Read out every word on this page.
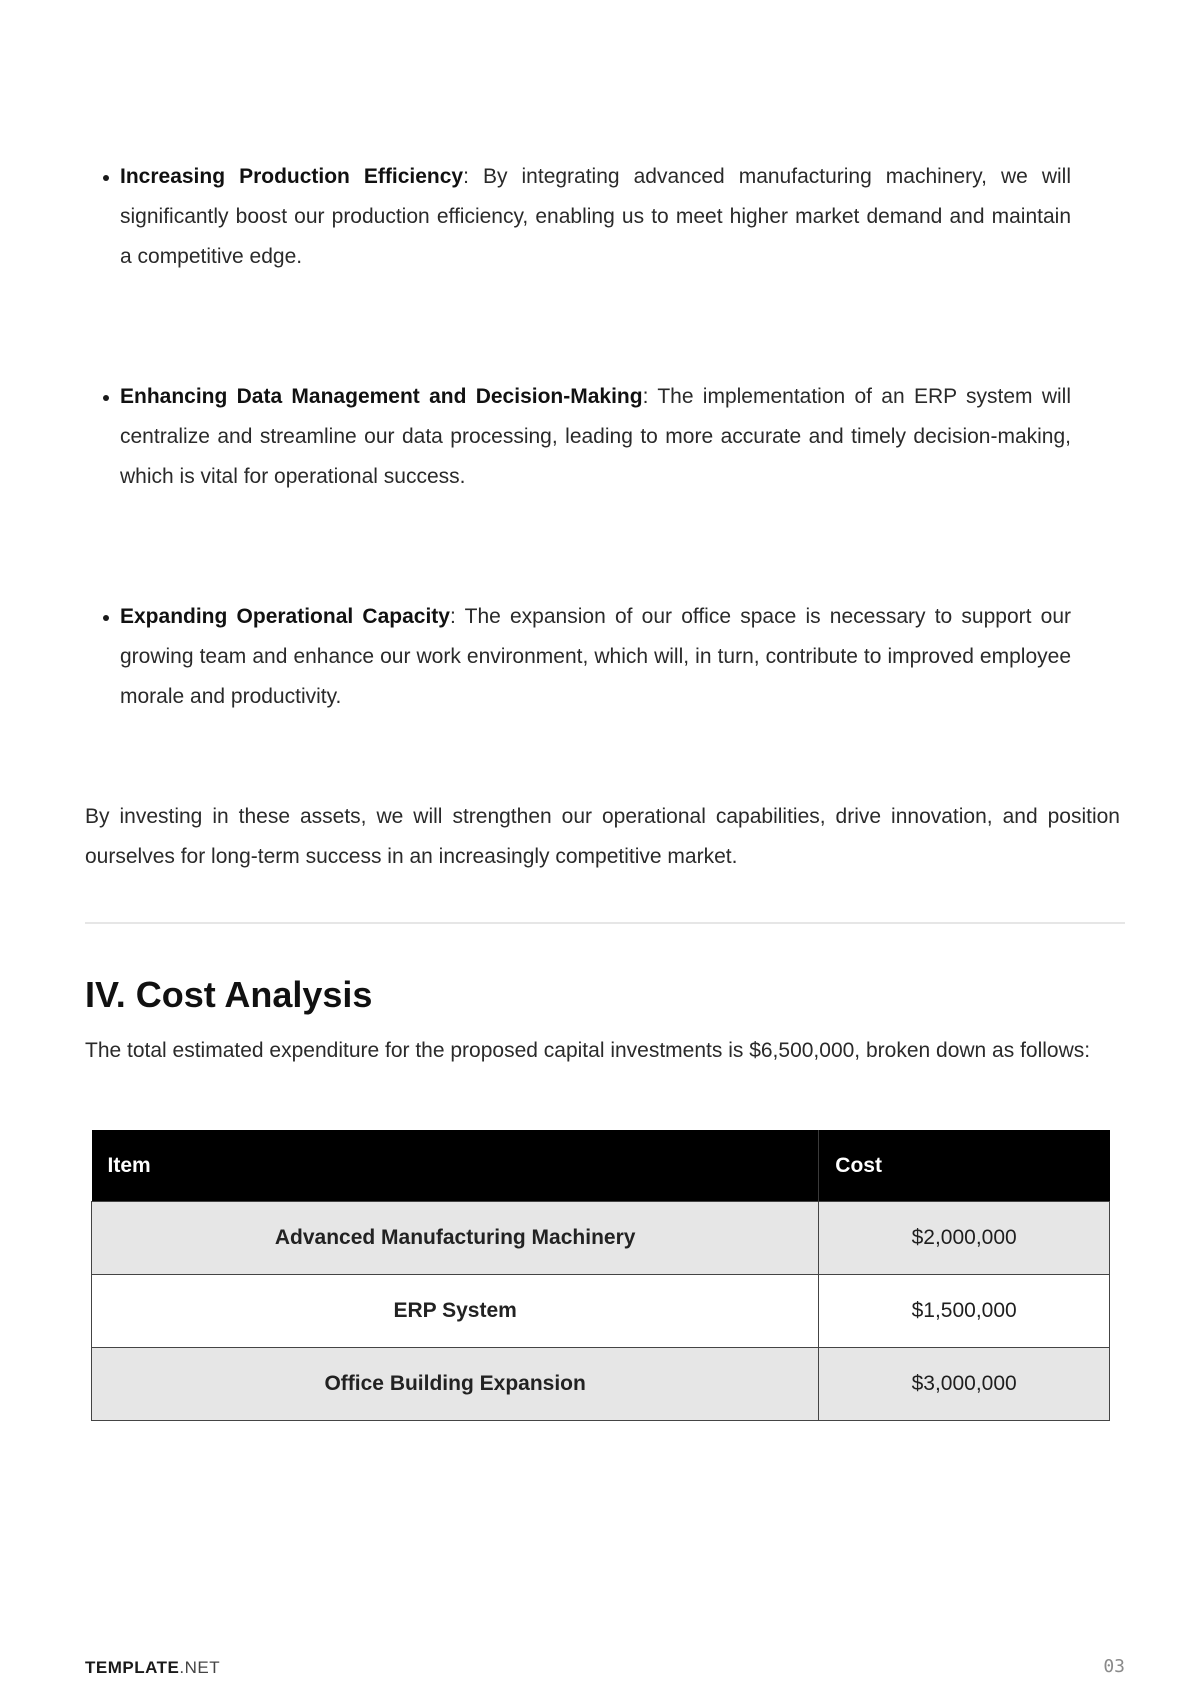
Increasing Production Efficiency: By integrating advanced manufacturing machinery, we will significantly boost our production efficiency, enabling us to meet higher market demand and maintain a competitive edge.
Enhancing Data Management and Decision-Making: The implementation of an ERP system will centralize and streamline our data processing, leading to more accurate and timely decision-making, which is vital for operational success.
Expanding Operational Capacity: The expansion of our office space is necessary to support our growing team and enhance our work environment, which will, in turn, contribute to improved employee morale and productivity.

By investing in these assets, we will strengthen our operational capabilities, drive innovation, and position ourselves for long-term success in an increasingly competitive market.

IV. Cost Analysis

The total estimated expenditure for the proposed capital investments is $6,500,000, broken down as follows:

Item	Cost
Advanced Manufacturing Machinery	$2,000,000
ERP System	$1,500,000
Office Building Expansion	$3,000,000
TEMPLATE.NET	03
